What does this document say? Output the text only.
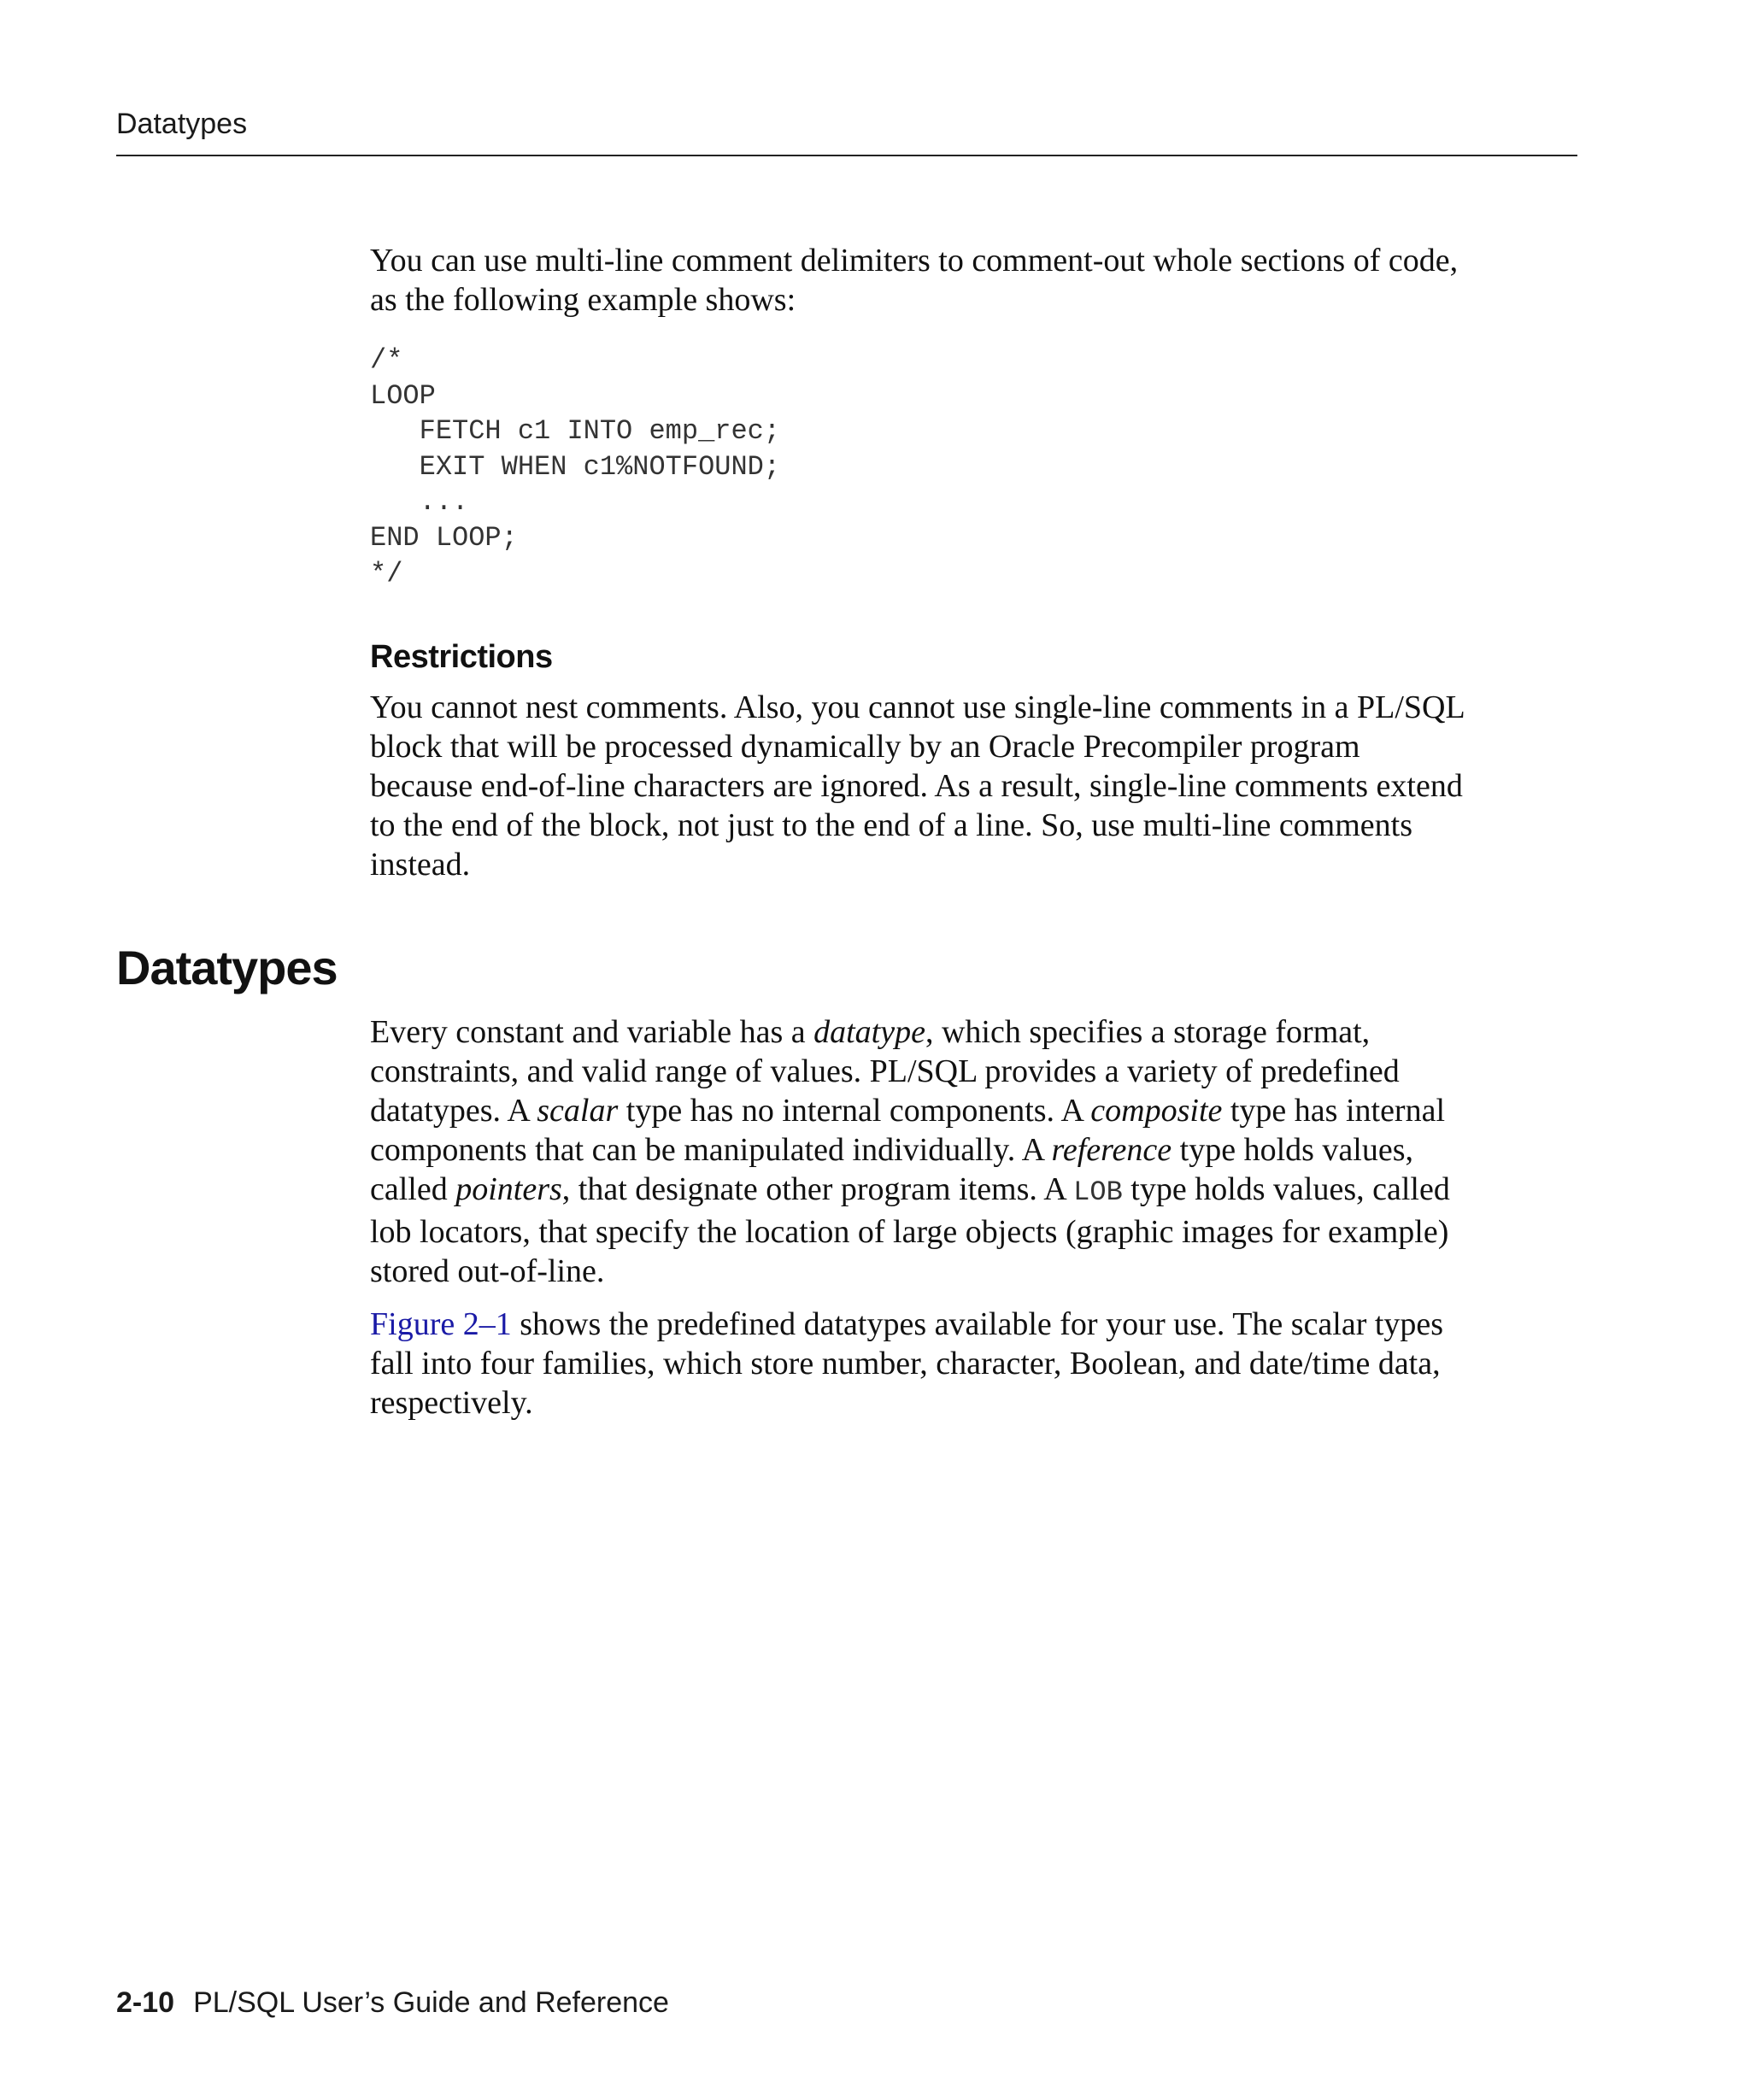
Datatypes
You can use multi-line comment delimiters to comment-out whole sections of code,
as the following example shows:
/*
LOOP
FETCH c1 INTO emp_rec;
EXIT WHEN c1%NOTFOUND;
...
END LOOP;
*/
Restrictions
You cannot nest comments. Also, you cannot use single-line comments in a PL/SQL
block that will be processed dynamically by an Oracle Precompiler program
because end-of-line characters are ignored. As a result, single-line comments extend
to the end of the block, not just to the end of a line. So, use multi-line comments
instead.
Datatypes
Every constant and variable has a datatype, which specifies a storage format,
constraints, and valid range of values. PL/SQL provides a variety of predefined
datatypes. A scalar type has no internal components. A composite type has internal
components that can be manipulated individually. A reference type holds values,
called pointers, that designate other program items. A LOB type holds values, called
lob locators, that specify the location of large objects (graphic images for example)
stored out-of-line.
Figure 2–1 shows the predefined datatypes available for your use. The scalar types
fall into four families, which store number, character, Boolean, and date/time data,
respectively.
2-10 PL/SQL User’s Guide and Reference
